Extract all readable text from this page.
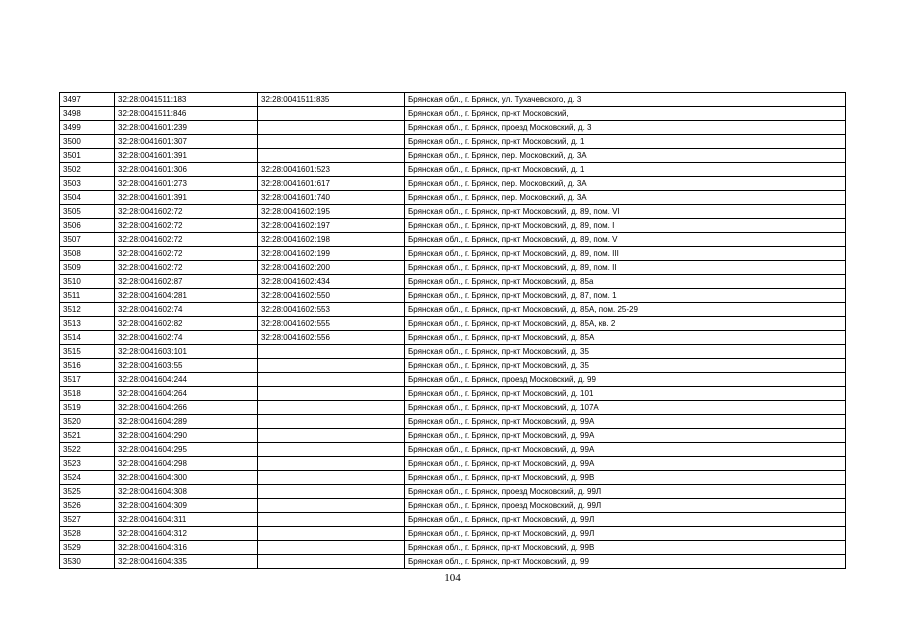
3497	32:28:0041511:183	32:28:0041511:835	Брянская обл., г. Брянск, ул. Тухачевского, д. 3
3498	32:28:0041511:846		Брянская обл., г. Брянск, пр-кт Московский,
3499	32:28:0041601:239		Брянская обл., г. Брянск, проезд Московский, д. 3
3500	32:28:0041601:307		Брянская обл., г. Брянск, пр-кт Московский, д. 1
3501	32:28:0041601:391		Брянская обл., г. Брянск, пер. Московский, д. 3А
3502	32:28:0041601:306	32:28:0041601:523	Брянская обл., г. Брянск, пр-кт Московский, д. 1
3503	32:28:0041601:273	32:28:0041601:617	Брянская обл., г. Брянск, пер. Московский, д. 3А
3504	32:28:0041601:391	32:28:0041601:740	Брянская обл., г. Брянск, пер. Московский, д. 3А
3505	32:28:0041602:72	32:28:0041602:195	Брянская обл., г. Брянск, пр-кт Московский, д. 89, пом. VI
3506	32:28:0041602:72	32:28:0041602:197	Брянская обл., г. Брянск, пр-кт Московский, д. 89, пом. I
3507	32:28:0041602:72	32:28:0041602:198	Брянская обл., г. Брянск, пр-кт Московский, д. 89, пом. V
3508	32:28:0041602:72	32:28:0041602:199	Брянская обл., г. Брянск, пр-кт Московский, д. 89, пом. III
3509	32:28:0041602:72	32:28:0041602:200	Брянская обл., г. Брянск, пр-кт Московский, д. 89, пом. II
3510	32:28:0041602:87	32:28:0041602:434	Брянская обл., г. Брянск, пр-кт Московский, д. 85а
3511	32:28:0041604:281	32:28:0041602:550	Брянская обл., г. Брянск, пр-кт Московский, д. 87, пом. 1
3512	32:28:0041602:74	32:28:0041602:553	Брянская обл., г. Брянск, пр-кт Московский, д. 85А, пом. 25-29
3513	32:28:0041602:82	32:28:0041602:555	Брянская обл., г. Брянск, пр-кт Московский, д. 85А, кв. 2
3514	32:28:0041602:74	32:28:0041602:556	Брянская обл., г. Брянск, пр-кт Московский, д. 85А
3515	32:28:0041603:101		Брянская обл., г. Брянск, пр-кт Московский, д. 35
3516	32:28:0041603:55		Брянская обл., г. Брянск, пр-кт Московский, д. 35
3517	32:28:0041604:244		Брянская обл., г. Брянск, проезд Московский, д. 99
3518	32:28:0041604:264		Брянская обл., г. Брянск, пр-кт Московский, д. 101
3519	32:28:0041604:266		Брянская обл., г. Брянск, пр-кт Московский, д. 107А
3520	32:28:0041604:289		Брянская обл., г. Брянск, пр-кт Московский, д. 99А
3521	32:28:0041604:290		Брянская обл., г. Брянск, пр-кт Московский, д. 99А
3522	32:28:0041604:295		Брянская обл., г. Брянск, пр-кт Московский, д. 99А
3523	32:28:0041604:298		Брянская обл., г. Брянск, пр-кт Московский, д. 99А
3524	32:28:0041604:300		Брянская обл., г. Брянск, пр-кт Московский, д. 99В
3525	32:28:0041604:308		Брянская обл., г. Брянск, проезд Московский, д. 99Л
3526	32:28:0041604:309		Брянская обл., г. Брянск, проезд Московский, д. 99Л
3527	32:28:0041604:311		Брянская обл., г. Брянск, пр-кт Московский, д. 99Л
3528	32:28:0041604:312		Брянская обл., г. Брянск, пр-кт Московский, д. 99Л
3529	32:28:0041604:316		Брянская обл., г. Брянск, пр-кт Московский, д. 99В
3530	32:28:0041604:335		Брянская обл., г. Брянск, пр-кт Московский, д. 99
104
